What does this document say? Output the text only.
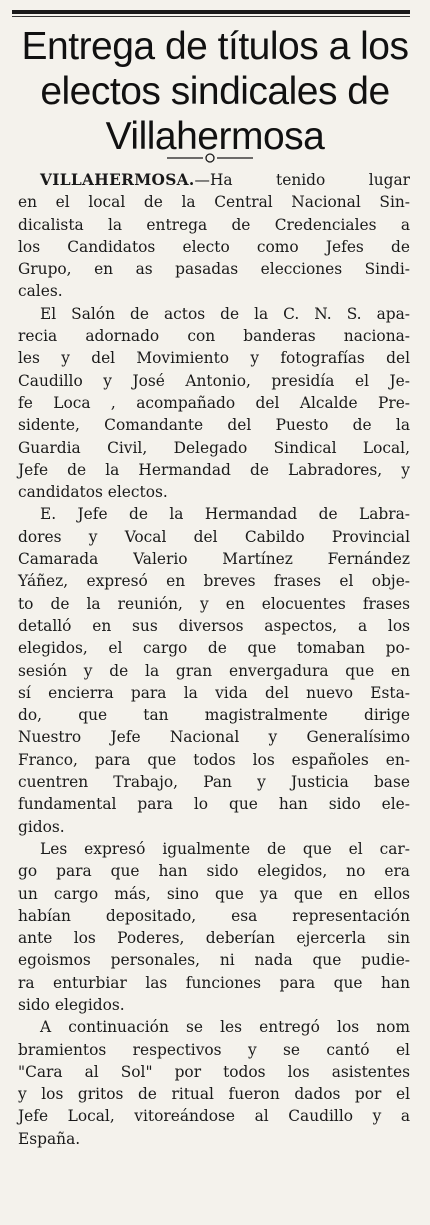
Entrega de títulos a los
electos sindicales de
Villahermosa
VILLAHERMOSA.—Ha tenido lugar
en el local de la Central Nacional Sin-
dicalista la entrega de Credenciales a
los Candidatos electo como Jefes de
Grupo, en as pasadas elecciones Sindi-
cales.
El Salón de actos de la C. N. S. apa-
recia adornado con banderas naciona-
les y del Movimiento y fotografías del
Caudillo y José Antonio, presidía el Je-
fe Loca , acompañado del Alcalde Pre-
sidente, Comandante del Puesto de la
Guardia Civil, Delegado Sindical Local,
Jefe de la Hermandad de Labradores, y
candidatos electos.
E. Jefe de la Hermandad de Labra-
dores y Vocal del Cabildo Provincial
Camarada Valerio Martínez Fernández
Yáñez, expresó en breves frases el obje-
to de la reunión, y en elocuentes frases
detalló en sus diversos aspectos, a los
elegidos, el cargo de que tomaban po-
sesión y de la gran envergadura que en
sí encierra para la vida del nuevo Esta-
do, que tan magistralmente dirige
Nuestro Jefe Nacional y Generalísimo
Franco, para que todos los españoles en-
cuentren Trabajo, Pan y Justicia base
fundamental para lo que han sido ele-
gidos.
Les expresó igualmente de que el car-
go para que han sido elegidos, no era
un cargo más, sino que ya que en ellos
habían depositado, esa representación
ante los Poderes, deberían ejercerla sin
egoismos personales, ni nada que pudie-
ra enturbiar las funciones para que han
sido elegidos.
A continuación se les entregó los nom
bramientos respectivos y se cantó el
"Cara al Sol" por todos los asistentes
y los gritos de ritual fueron dados por el
Jefe Local, vitoreándose al Caudillo y a
España.
